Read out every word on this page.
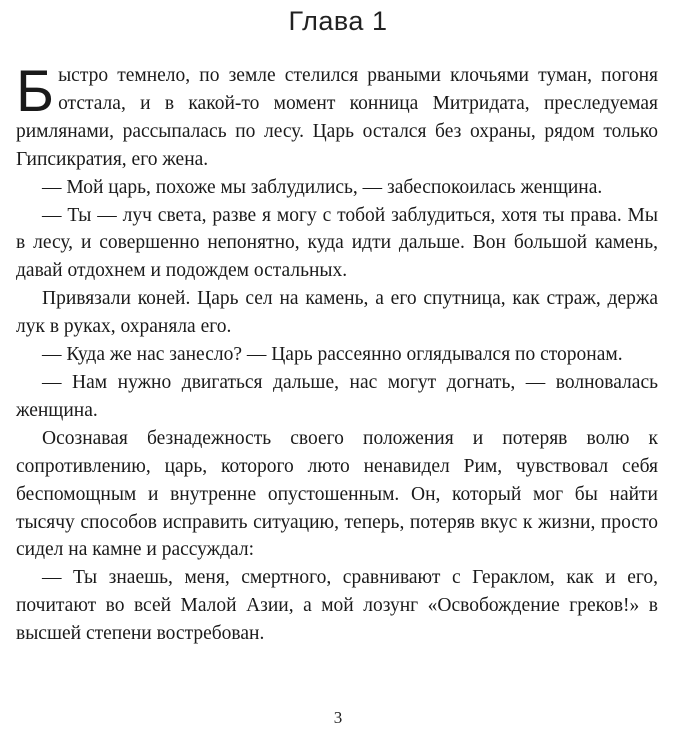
Глава 1

Быстро темнело, по земле стелился рваными клочьями туман, погоня отстала, и в какой-то момент конница Митридата, преследуемая римлянами, рассыпалась по лесу. Царь остался без охраны, рядом только Гипсикратия, его жена.

— Мой царь, похоже мы заблудились, — забеспокоилась женщина.

— Ты — луч света, разве я могу с тобой заблудиться, хотя ты права. Мы в лесу, и совершенно непонятно, куда идти дальше. Вон большой камень, давай отдохнем и подождем остальных.

Привязали коней. Царь сел на камень, а его спутница, как страж, держа лук в руках, охраняла его.

— Куда же нас занесло? — Царь рассеянно оглядывался по сторонам.

— Нам нужно двигаться дальше, нас могут догнать, — волновалась женщина.

Осознавая безнадежность своего положения и потеряв волю к сопротивлению, царь, которого люто ненавидел Рим, чувствовал себя беспомощным и внутренне опустошенным. Он, который мог бы найти тысячу способов исправить ситуацию, теперь, потеряв вкус к жизни, просто сидел на камне и рассуждал:

— Ты знаешь, меня, смертного, сравнивают с Гераклом, как и его, почитают во всей Малой Азии, а мой лозунг «Освобождение греков!» в высшей степени востребован.

3
